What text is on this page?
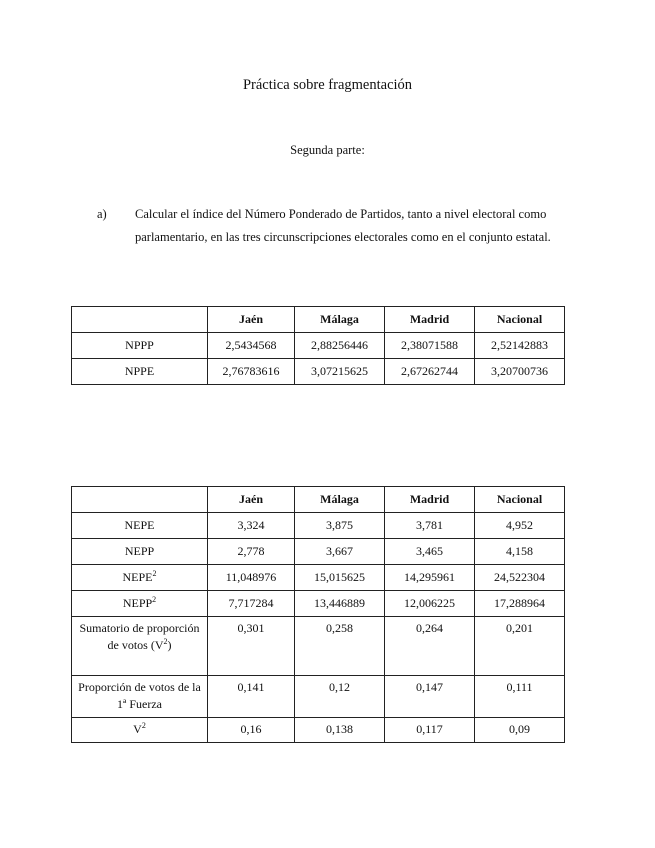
Práctica sobre fragmentación
Segunda parte:
a) Calcular el índice del Número Ponderado de Partidos, tanto a nivel electoral como parlamentario, en las tres circunscripciones electorales como en el conjunto estatal.
	Jaén	Málaga	Madrid	Nacional
NPPP	2,5434568	2,88256446	2,38071588	2,52142883
NPPE	2,76783616	3,07215625	2,67262744	3,20700736
	Jaén	Málaga	Madrid	Nacional
NEPE	3,324	3,875	3,781	4,952
NEPP	2,778	3,667	3,465	4,158
NEPE$^2$	11,048976	15,015625	14,295961	24,522304
NEPP$^2$	7,717284	13,446889	12,006225	17,288964
Sumatorio de proporción de votos $(V^2)$	0,301	0,258	0,264	0,201
Proporción de votos de la 1ª Fuerza	0,141	0,12	0,147	0,111
$V^2$	0,16	0,138	0,117	0,09
